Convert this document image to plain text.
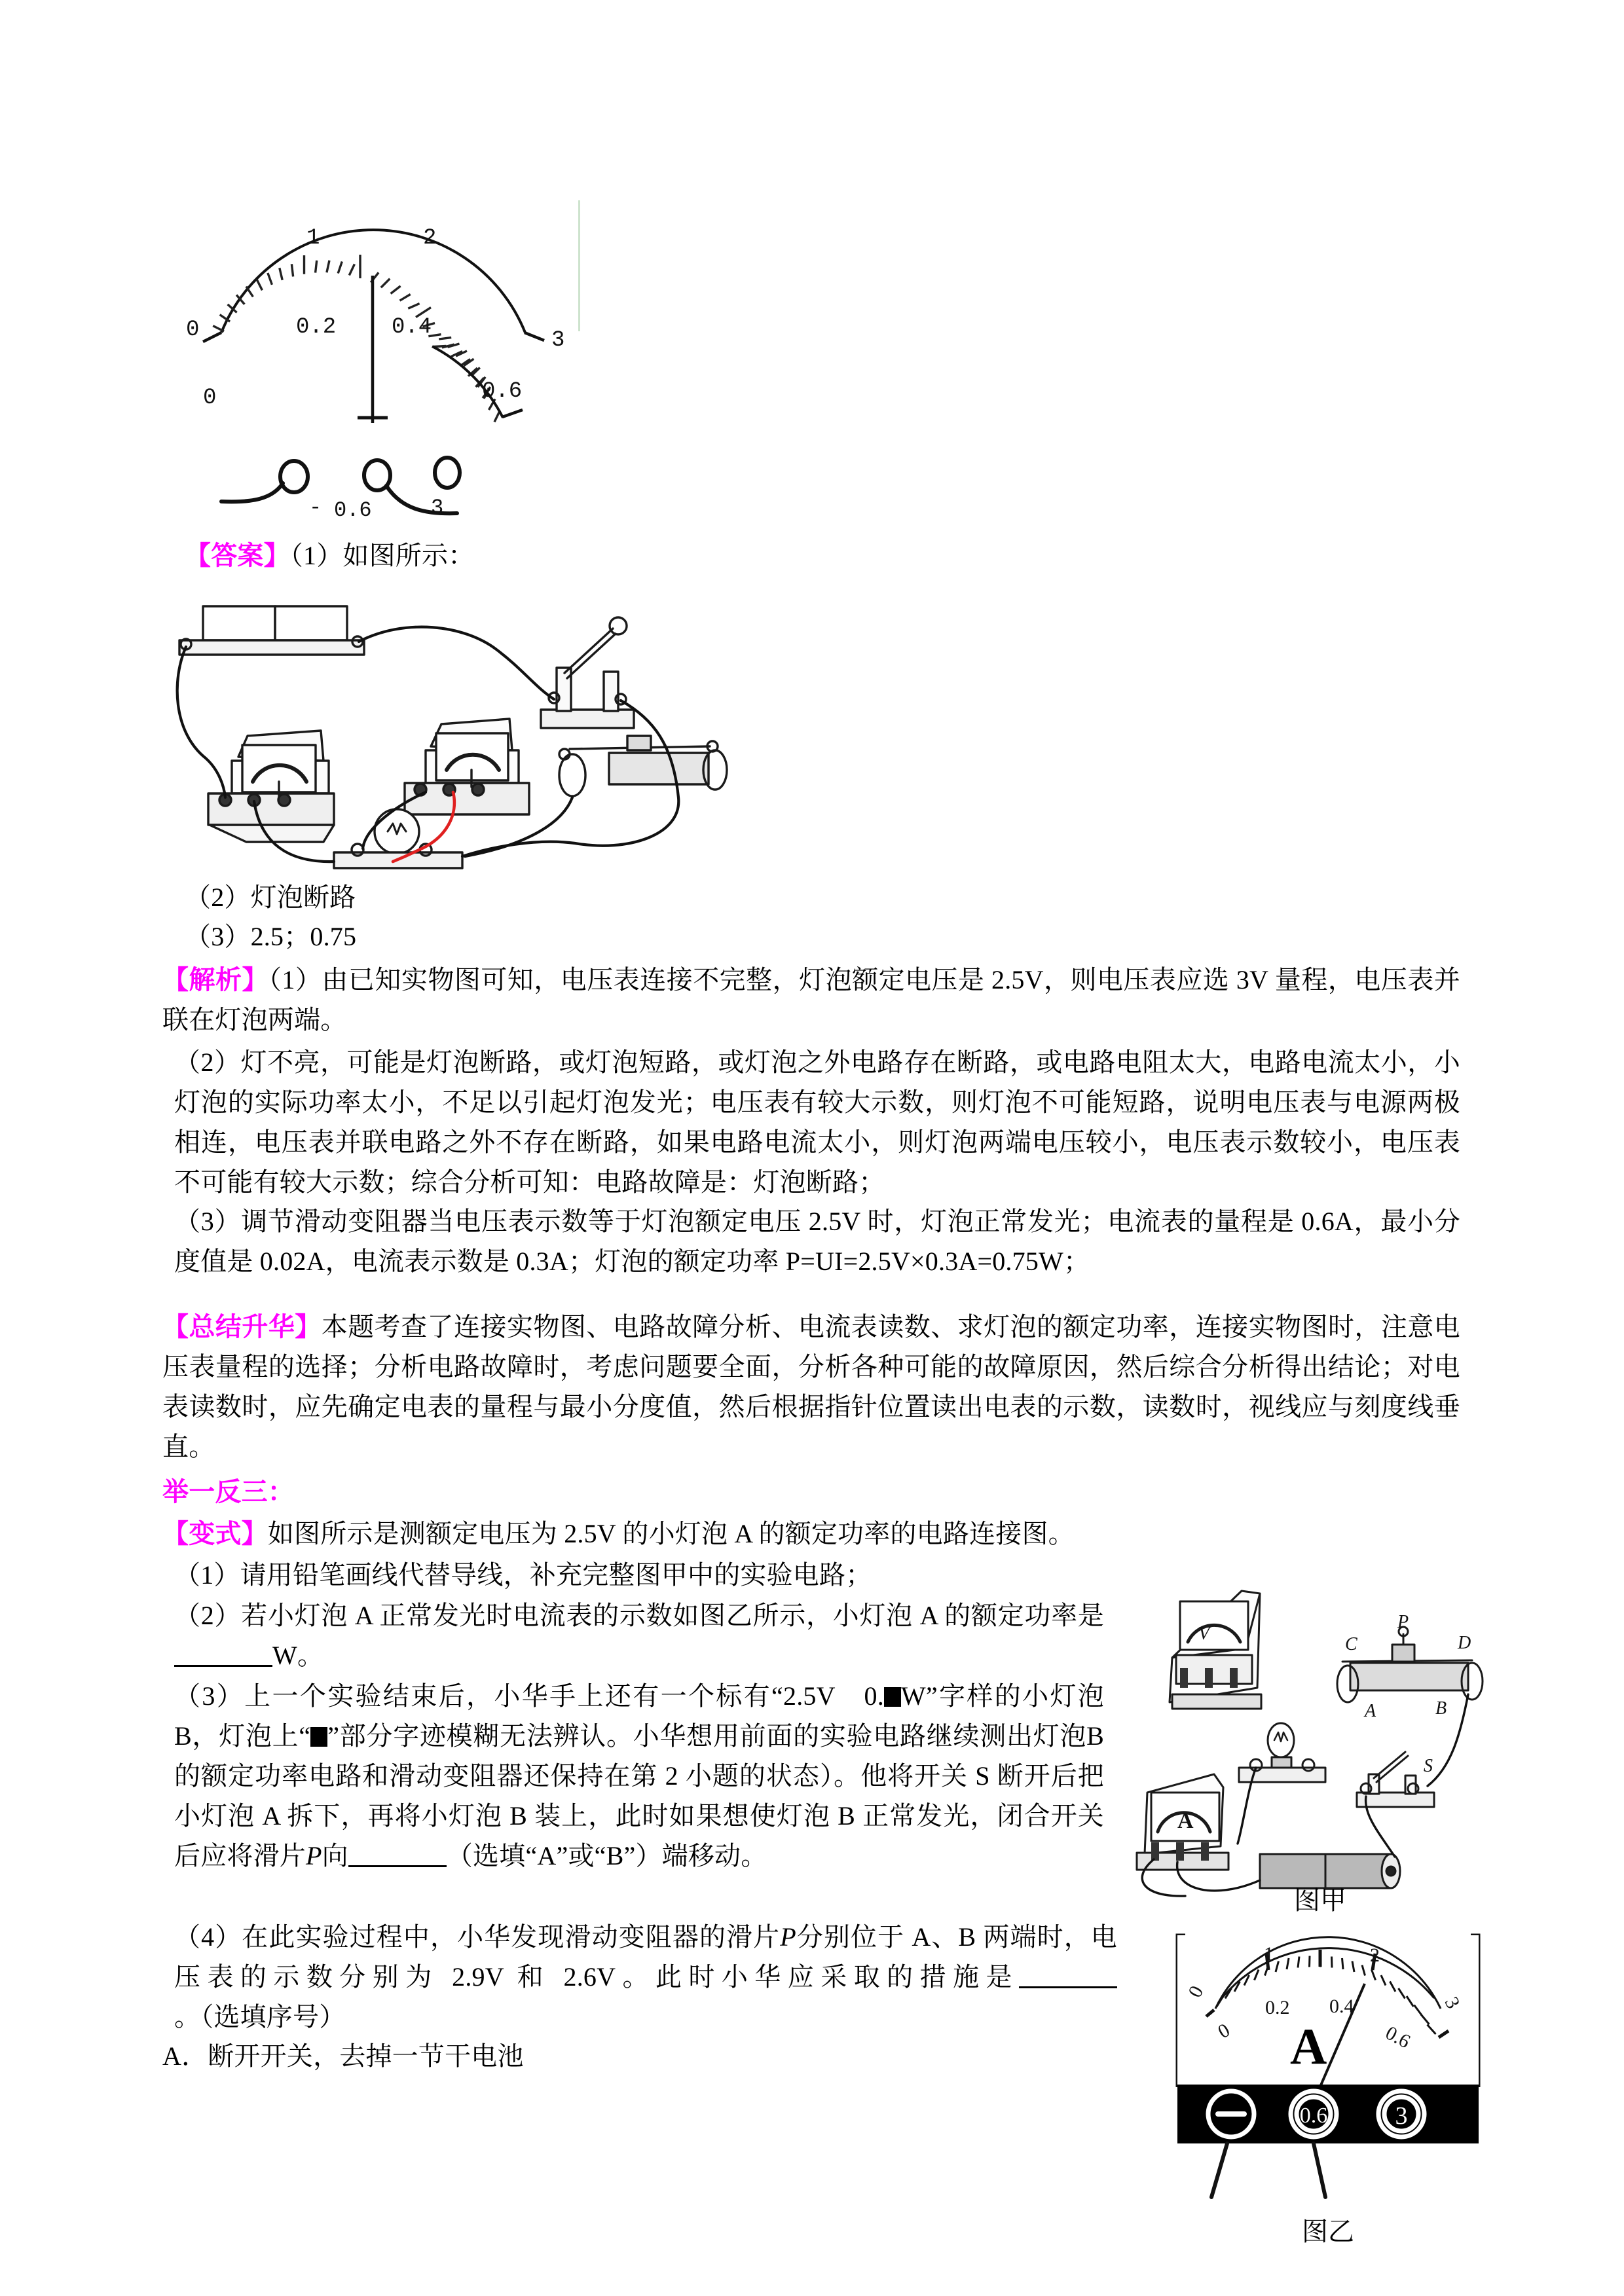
0
1	2
3
0
0.2 0.4
0.6
- 0.6	3
【答案】（1）如图所示：
（2）灯泡断路
（3）2.5；0.75
【解析】（1）由已知实物图可知，电压表连接不完整，灯泡额定电压是 2.5V，则电压表应选 3V 量程，电压表并联在灯泡两端。
（2）灯不亮，可能是灯泡断路，或灯泡短路，或灯泡之外电路存在断路，或电路电阻太大，电路电流太小，小灯泡的实际功率太小，不足以引起灯泡发光；电压表有较大示数，则灯泡不可能短路，说明电压表与电源两极相连，电压表并联电路之外不存在断路，如果电路电流太小，则灯泡两端电压较小，电压表示数较小，电压表不可能有较大示数；综合分析可知：电路故障是：灯泡断路；
（3）调节滑动变阻器当电压表示数等于灯泡额定电压 2.5V 时，灯泡正常发光；电流表的量程是 0.6A，最小分度值是 0.02A，电流表示数是 0.3A；灯泡的额定功率 P=UI=2.5V×0.3A=0.75W；
【总结升华】本题考查了连接实物图、电路故障分析、电流表读数、求灯泡的额定功率，连接实物图时，注意电压表量程的选择；分析电路故障时，考虑问题要全面，分析各种可能的故障原因，然后综合分析得出结论；对电表读数时，应先确定电表的量程与最小分度值，然后根据指针位置读出电表的示数，读数时，视线应与刻度线垂直。
举一反三：
【变式】如图所示是测额定电压为 2.5V 的小灯泡 A 的额定功率的电路连接图。
（1）请用铅笔画线代替导线，补充完整图甲中的实验电路；
（2）若小灯泡 A 正常发光时电流表的示数如图乙所示，小灯泡 A 的额定功率是W。
（3）上一个实验结束后，小华手上还有一个标有“2.5V　0. W”字样的小灯泡B，灯泡上“ ”部分字迹模糊无法辨认。小华想用前面的实验电路继续测出灯泡B的额定功率电路和滑动变阻器还保持在第 2 小题的状态）。他将开关 S 断开后把小灯泡 A 拆下，再将小灯泡 B 装上，此时如果想使灯泡 B 正常发光，闭合开关后应将滑片P向	（选填“A”或“B”）端移动。
（4）在此实验过程中，小华发现滑动变阻器的滑片P分别位于 A、B 两端时，电压表的示数分别为 2.9V 和 2.6V。此时小华应采取的措施是。（选填序号）
A．断开开关，去掉一节干电池
V
A
C
P
D
A	B
S
图甲
0
1	2
3
0
0.2 0.4
0.6
A
0.6	3
图乙
